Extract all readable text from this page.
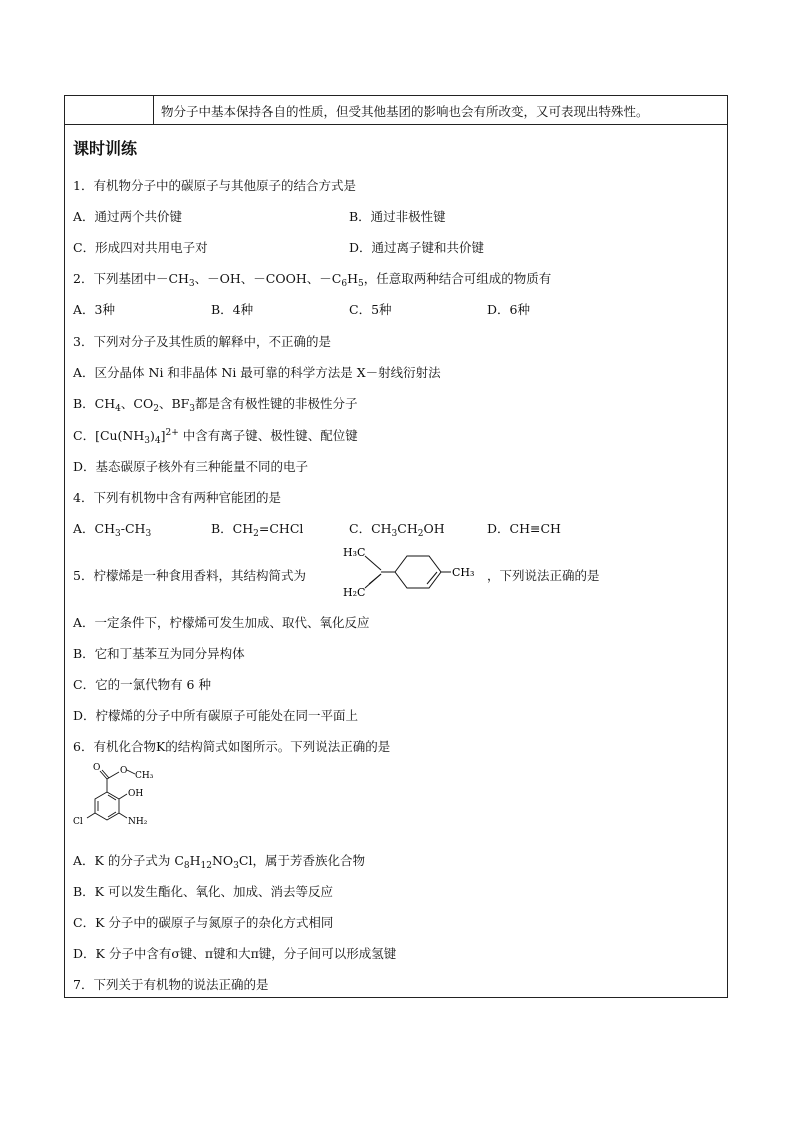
物分子中基本保持各自的性质，但受其他基团的影响也会有所改变，又可表现出特殊性。
课时训练
1．有机物分子中的碳原子与其他原子的结合方式是
A．通过两个共价键	B．通过非极性键
C．形成四对共用电子对	D．通过离子键和共价键
2．下列基团中$-CH_3$、－OH、－COOH、$-C_6H_5$，任意取两种结合可组成的物质有
A．3种	B．4种	C．5种	D．6种
3．下列对分子及其性质的解释中，不正确的是
A．区分晶体 Ni 和非晶体 Ni 最可靠的科学方法是 X－射线衍射法
B．$CH_4$、$CO_2$、$BF_3$都是含有极性键的非极性分子
C．$[Cu(NH_3)_4]^{2+}$ 中含有离子键、极性键、配位键
D．基态碳原子核外有三种能量不同的电子
4．下列有机物中含有两种官能团的是
A．$CH_3-CH_3$	B．$CH_2=CHCl$	C．$CH_3CH_2OH$	D．CH≡CH
5．柠檬烯是一种食用香料，其结构简式为
H₃C
H₂C
CH₃ ，下列说法正确的是
A．一定条件下，柠檬烯可发生加成、取代、氧化反应
B．它和丁基苯互为同分异构体
C．它的一氯代物有 6 种
D．柠檬烯的分子中所有碳原子可能处在同一平面上
6．有机化合物K的结构简式如图所示。下列说法正确的是
O O CH₃
OH
NH₂
Cl
A．K 的分子式为 $C_8H_{12}NO_3Cl$，属于芳香族化合物
B．K 可以发生酯化、氧化、加成、消去等反应
C．K 分子中的碳原子与氮原子的杂化方式相同
D．K 分子中含有σ键、π键和大π键，分子间可以形成氢键
7．下列关于有机物的说法正确的是
